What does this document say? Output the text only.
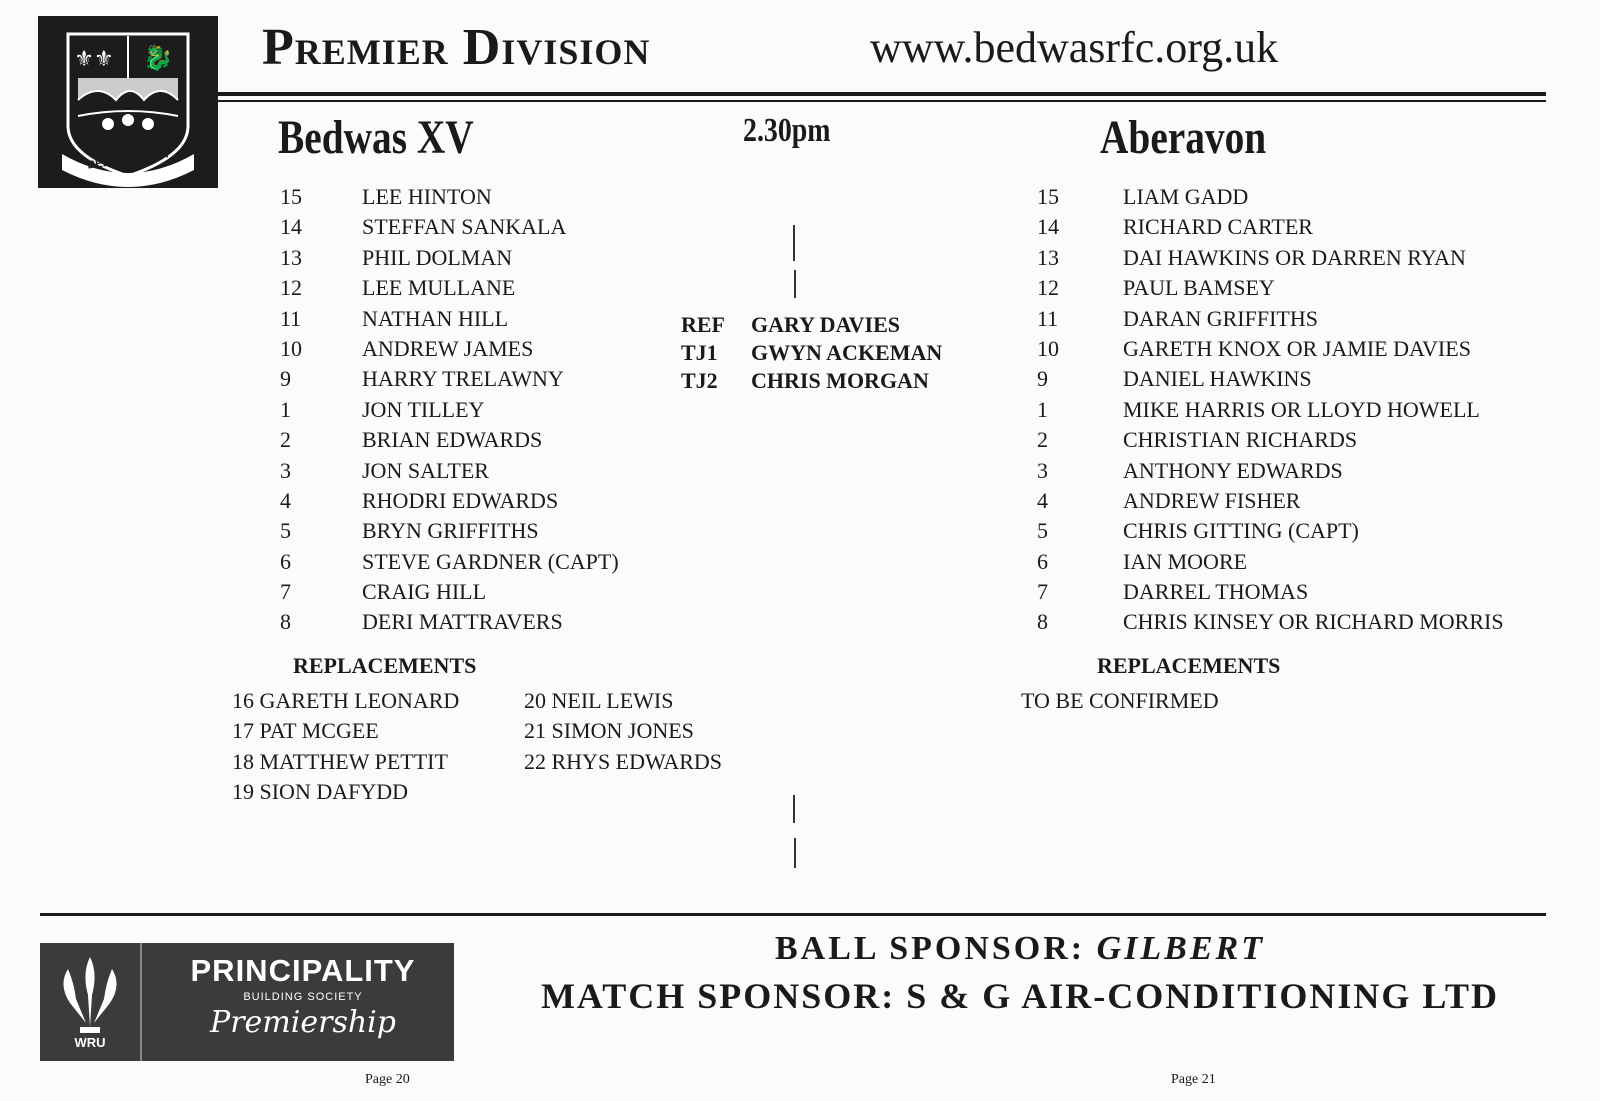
⚜⚜ 🐉
BEDWAS R.F.C.
Premier Division	www.bedwasrfc.org.uk
Bedwas XV	2.30pm	Aberavon
15	LEE HINTON
14	STEFFAN SANKALA
13	PHIL DOLMAN
12	LEE MULLANE
11	NATHAN HILL
10	ANDREW JAMES
9	HARRY TRELAWNY
1	JON TILLEY
2	BRIAN EDWARDS
3	JON SALTER
4	RHODRI EDWARDS
5	BRYN GRIFFITHS
6	STEVE GARDNER (CAPT)
7	CRAIG HILL
8	DERI MATTRAVERS
15	LIAM GADD
14	RICHARD CARTER
13	DAI HAWKINS OR DARREN RYAN
12	PAUL BAMSEY
11	DARAN GRIFFITHS
10	GARETH KNOX OR JAMIE DAVIES
9	DANIEL HAWKINS
1	MIKE HARRIS OR LLOYD HOWELL
2	CHRISTIAN RICHARDS
3	ANTHONY EDWARDS
4	ANDREW FISHER
5	CHRIS GITTING (CAPT)
6	IAN MOORE
7	DARREL THOMAS
8	CHRIS KINSEY OR RICHARD MORRIS
REF GARY DAVIES
TJ1 GWYN ACKEMAN
TJ2 CHRIS MORGAN
REPLACEMENTS
16 GARETH LEONARD
17 PAT MCGEE
18 MATTHEW PETTIT
19 SION DAFYDD
20 NEIL LEWIS
21 SIMON JONES
22 RHYS EDWARDS
REPLACEMENTS
TO BE CONFIRMED
WRU
PRINCIPALITY
BUILDING SOCIETY
Premiership
BALL SPONSOR: GILBERT
MATCH SPONSOR: S & G AIR-CONDITIONING LTD
Page 20	Page 21
